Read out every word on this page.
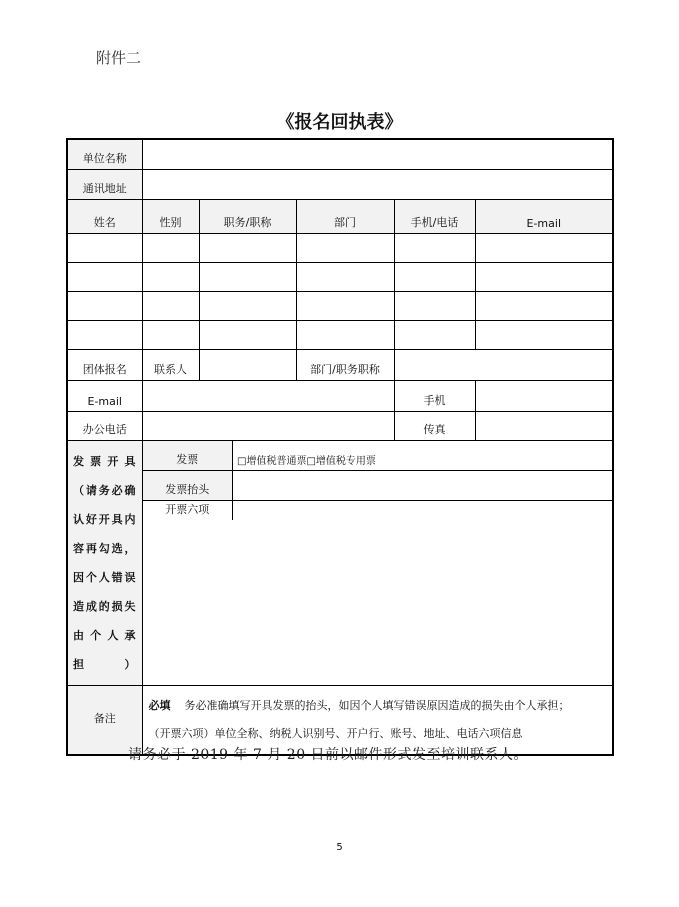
附件二
《报名回执表》
单位名称	
通讯地址	
姓名	性别	职务/职称	部门	手机/电话	E-mail

团体报名	联系人		部门/职务职称	
E-mail		手机	
办公电话		传真	
发票开具（请务必确认好开具内容再勾选，因个人错误造成的损失由个人承担）	
发票	□增值税普通票□增值税专用票
发票抬头	
开票六项	

备注	
必填 务必准确填写开具发票的抬头，如因个人填写错误原因造成的损失由个人承担；
（开票六项）单位全称、纳税人识别号、开户行、账号、地址、电话六项信息
请务必于 2019 年 7 月 20 日前以邮件形式发至培训联系人。
5
